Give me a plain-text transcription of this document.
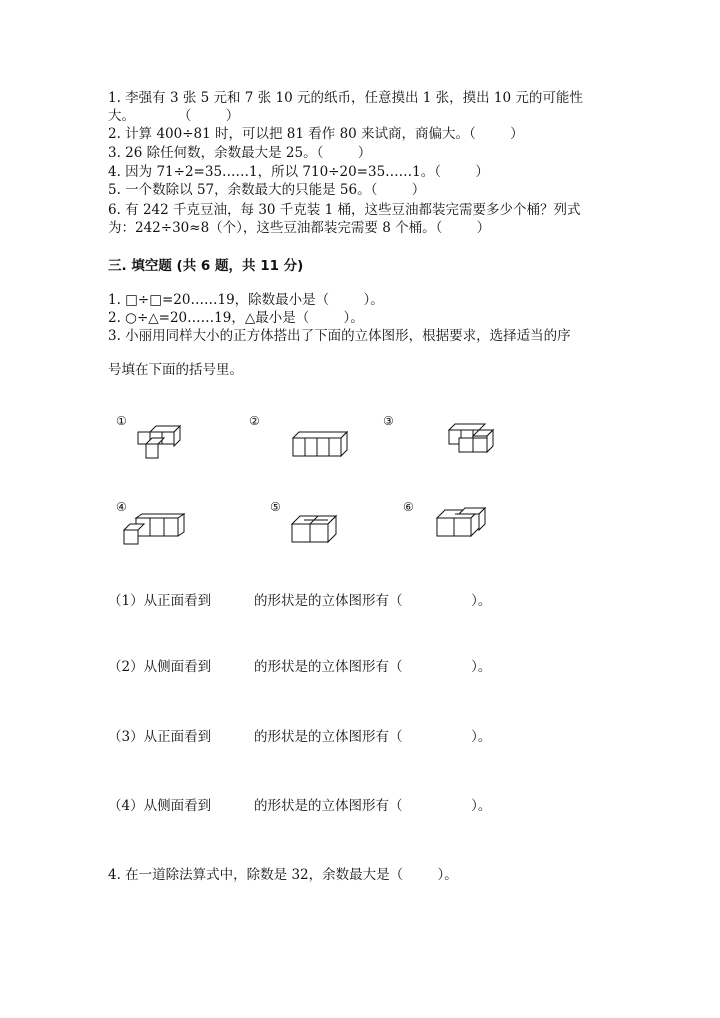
1. 李强有 3 张 5 元和 7 张 10 元的纸币，任意摸出 1 张，摸出 10 元的可能性
大。          （        ）
2. 计算 400÷81 时，可以把 81 看作 80 来试商，商偏大。（        ）
3. 26 除任何数，余数最大是 25。（        ）
4. 因为 71÷2=35……1，所以 710÷20=35……1。（        ）
5. 一个数除以 57，余数最大的只能是 56。（        ）
6. 有 242 千克豆油，每 30 千克装 1 桶，这些豆油都装完需要多少个桶？列式
为：242÷30≈8（个），这些豆油都装完需要 8 个桶。（        ）
三. 填空题 (共 6 题，共 11 分)
1. □÷□=20……19，除数最小是（        ）。
2. ○÷△=20……19，△最小是（        ）。
3. 小丽用同样大小的正方体搭出了下面的立体图形，根据要求，选择适当的序
号填在下面的括号里。
①	②	③
④	⑤	⑥
（1）从正面看到          的形状是的立体图形有（                ）。
（2）从侧面看到          的形状是的立体图形有（                ）。
（3）从正面看到          的形状是的立体图形有（                ）。
（4）从侧面看到          的形状是的立体图形有（                ）。
4. 在一道除法算式中，除数是 32，余数最大是（        ）。
